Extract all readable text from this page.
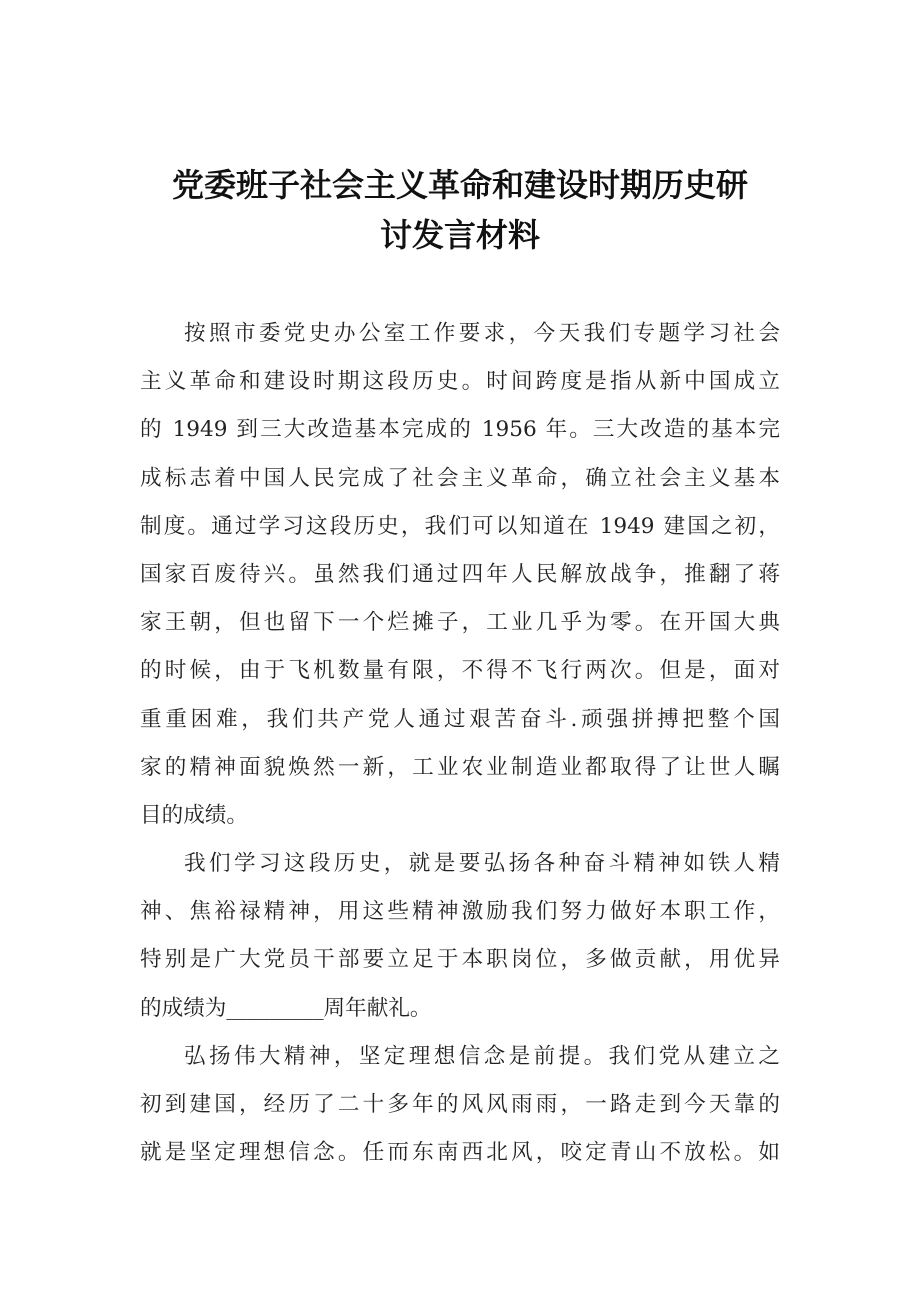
党委班子社会主义革命和建设时期历史研
讨发言材料
按照市委党史办公室工作要求，今天我们专题学习社会
主义革命和建设时期这段历史。时间跨度是指从新中国成立
的 1949 到三大改造基本完成的 1956 年。三大改造的基本完
成标志着中国人民完成了社会主义革命，确立社会主义基本
制度。通过学习这段历史，我们可以知道在 1949 建国之初，
国家百废待兴。虽然我们通过四年人民解放战争，推翻了蒋
家王朝，但也留下一个烂摊子，工业几乎为零。在开国大典
的时候，由于飞机数量有限，不得不飞行两次。但是，面对
重重困难，我们共产党人通过艰苦奋斗.顽强拼搏把整个国
家的精神面貌焕然一新，工业农业制造业都取得了让世人瞩
目的成绩。
我们学习这段历史，就是要弘扬各种奋斗精神如铁人精
神、焦裕禄精神，用这些精神激励我们努力做好本职工作，
特别是广大党员干部要立足于本职岗位，多做贡献，用优异
的成绩为_________周年献礼。
弘扬伟大精神，坚定理想信念是前提。我们党从建立之
初到建国，经历了二十多年的风风雨雨，一路走到今天靠的
就是坚定理想信念。任而东南西北风，咬定青山不放松。如
